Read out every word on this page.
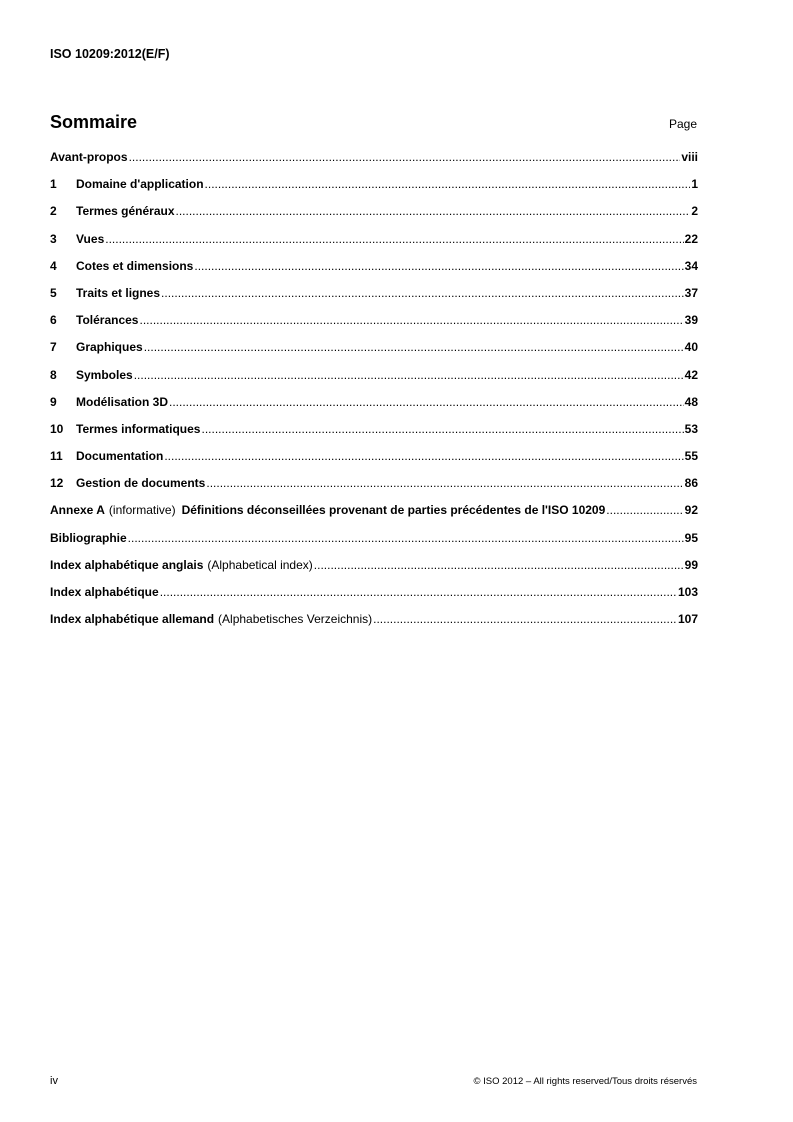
ISO 10209:2012(E/F)
Sommaire	Page
Avant-propos .....	viii
1	Domaine d'application .....	1
2	Termes généraux .....	2
3	Vues .....	22
4	Cotes et dimensions .....	34
5	Traits et lignes .....	37
6	Tolérances .....	39
7	Graphiques .....	40
8	Symboles .....	42
9	Modélisation 3D .....	48
10	Termes informatiques .....	53
11	Documentation .....	55
12	Gestion de documents .....	86
Annexe A (informative) Définitions déconseillées provenant de parties précédentes de l'ISO 10209 .....	92
Bibliographie .....	95
Index alphabétique anglais (Alphabetical index) .....	99
Index alphabétique .....	103
Index alphabétique allemand (Alphabetisches Verzeichnis) .....	107
iv	© ISO 2012 – All rights reserved/Tous droits réservés
